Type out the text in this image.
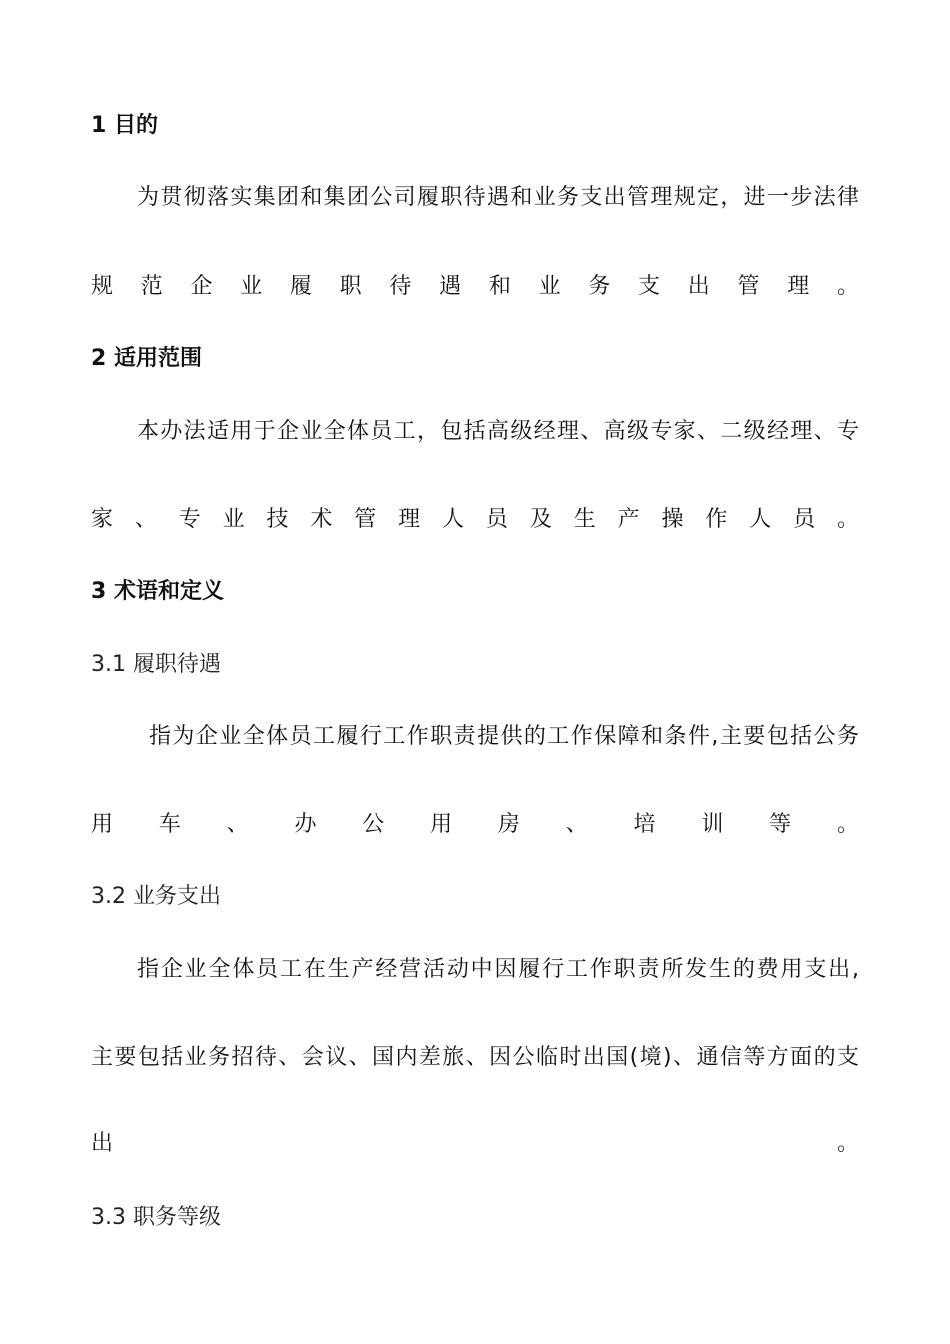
1 目的
为贯彻落实集团和集团公司履职待遇和业务支出管理规定，进一步法律
规范企业履职待遇和业务支出管理。
2 适用范围
本办法适用于企业全体员工，包括高级经理、高级专家、二级经理、专
家、专业技术管理人员及生产操作人员。
3 术语和定义
3.1 履职待遇
指为企业全体员工履行工作职责提供的工作保障和条件,主要包括公务
用车、办公用房、培训等。
3.2 业务支出
指企业全体员工在生产经营活动中因履行工作职责所发生的费用支出,
主要包括业务招待、会议、国内差旅、因公临时出国(境)、通信等方面的支
出。
3.3 职务等级
